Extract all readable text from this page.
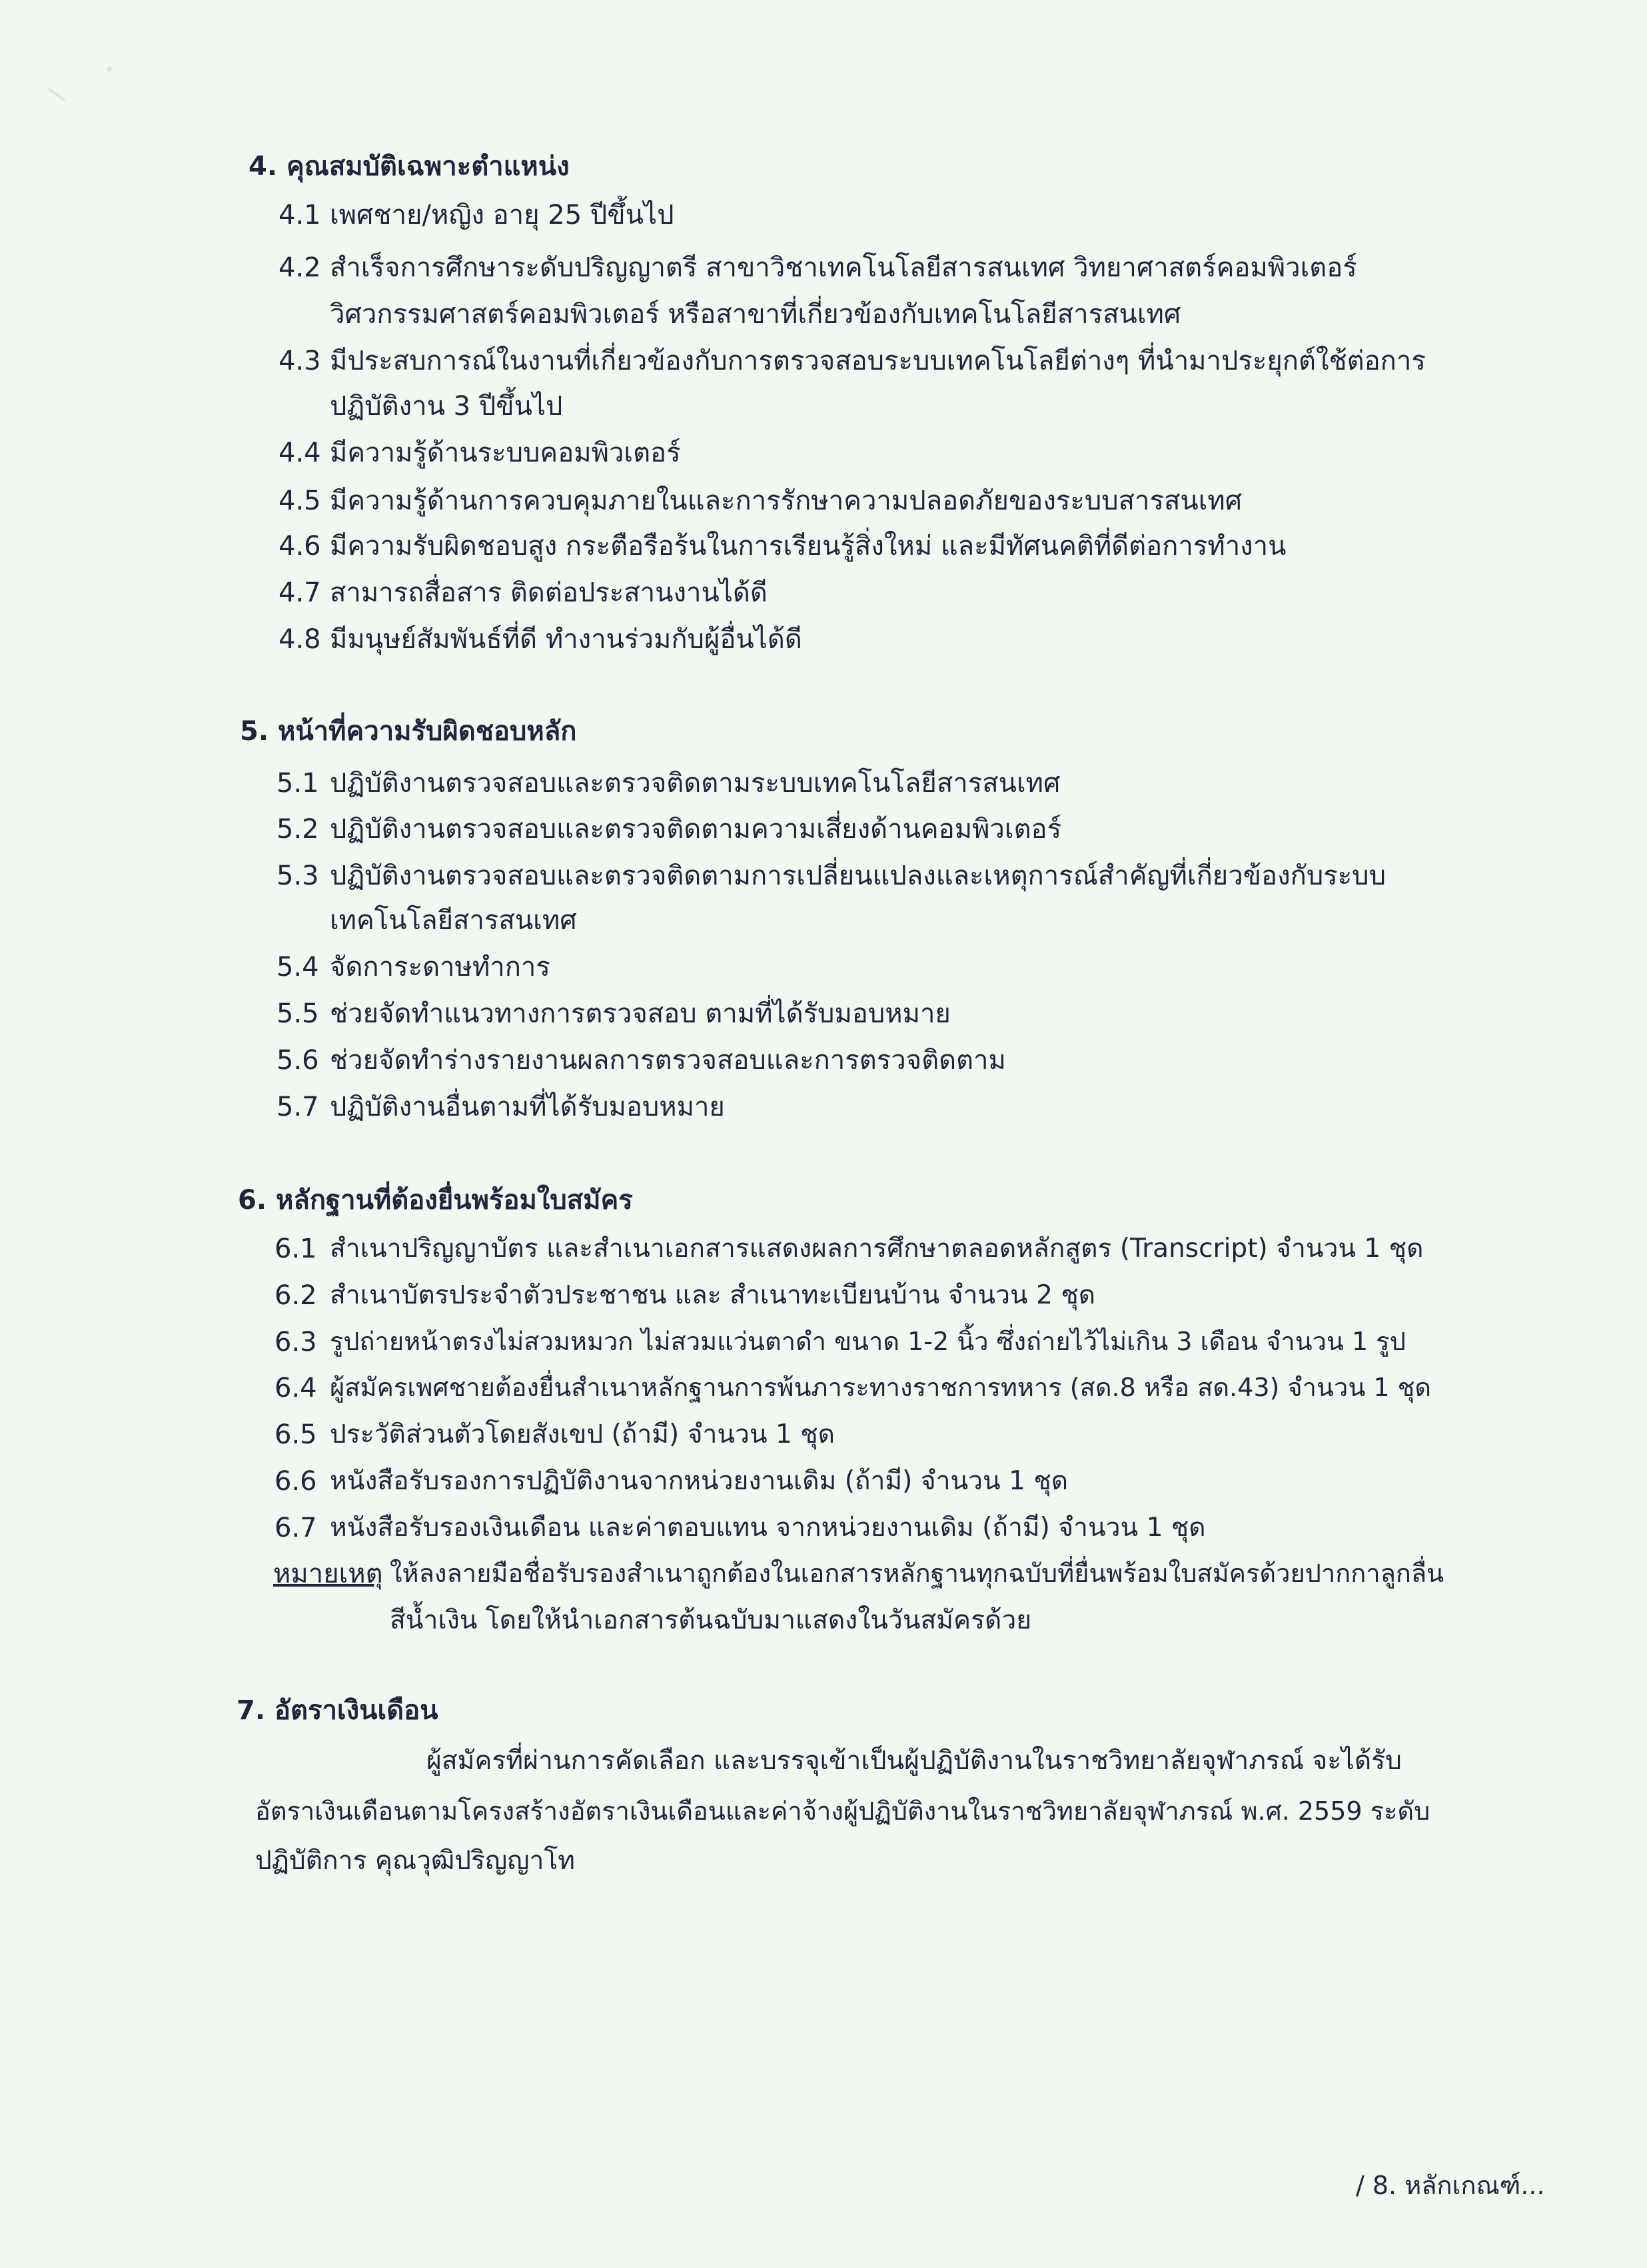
4. คุณสมบัติเฉพาะตำแหน่ง
4.1 เพศชาย/หญิง อายุ 25 ปีขึ้นไป
4.2 สำเร็จการศึกษาระดับปริญญาตรี สาขาวิชาเทคโนโลยีสารสนเทศ วิทยาศาสตร์คอมพิวเตอร์
วิศวกรรมศาสตร์คอมพิวเตอร์ หรือสาขาที่เกี่ยวข้องกับเทคโนโลยีสารสนเทศ
4.3 มีประสบการณ์ในงานที่เกี่ยวข้องกับการตรวจสอบระบบเทคโนโลยีต่างๆ ที่นำมาประยุกต์ใช้ต่อการ
ปฏิบัติงาน 3 ปีขึ้นไป
4.4 มีความรู้ด้านระบบคอมพิวเตอร์
4.5 มีความรู้ด้านการควบคุมภายในและการรักษาความปลอดภัยของระบบสารสนเทศ
4.6 มีความรับผิดชอบสูง กระตือรือร้นในการเรียนรู้สิ่งใหม่ และมีทัศนคติที่ดีต่อการทำงาน
4.7 สามารถสื่อสาร ติดต่อประสานงานได้ดี
4.8 มีมนุษย์สัมพันธ์ที่ดี ทำงานร่วมกับผู้อื่นได้ดี
5. หน้าที่ความรับผิดชอบหลัก
5.1 ปฏิบัติงานตรวจสอบและตรวจติดตามระบบเทคโนโลยีสารสนเทศ
5.2 ปฏิบัติงานตรวจสอบและตรวจติดตามความเสี่ยงด้านคอมพิวเตอร์
5.3 ปฏิบัติงานตรวจสอบและตรวจติดตามการเปลี่ยนแปลงและเหตุการณ์สำคัญที่เกี่ยวข้องกับระบบ
เทคโนโลยีสารสนเทศ
5.4 จัดการะดาษทำการ
5.5 ช่วยจัดทำแนวทางการตรวจสอบ ตามที่ได้รับมอบหมาย
5.6 ช่วยจัดทำร่างรายงานผลการตรวจสอบและการตรวจติดตาม
5.7 ปฏิบัติงานอื่นตามที่ได้รับมอบหมาย
6. หลักฐานที่ต้องยื่นพร้อมใบสมัคร
6.1 สำเนาปริญญาบัตร และสำเนาเอกสารแสดงผลการศึกษาตลอดหลักสูตร (Transcript) จำนวน 1 ชุด
6.2 สำเนาบัตรประจำตัวประชาชน และ สำเนาทะเบียนบ้าน จำนวน 2 ชุด
6.3 รูปถ่ายหน้าตรงไม่สวมหมวก ไม่สวมแว่นตาดำ ขนาด 1-2 นิ้ว ซึ่งถ่ายไว้ไม่เกิน 3 เดือน จำนวน 1 รูป
6.4 ผู้สมัครเพศชายต้องยื่นสำเนาหลักฐานการพ้นภาระทางราชการทหาร (สด.8 หรือ สด.43) จำนวน 1 ชุด
6.5 ประวัติส่วนตัวโดยสังเขป (ถ้ามี) จำนวน 1 ชุด
6.6 หนังสือรับรองการปฏิบัติงานจากหน่วยงานเดิม (ถ้ามี) จำนวน 1 ชุด
6.7 หนังสือรับรองเงินเดือน และค่าตอบแทน จากหน่วยงานเดิม (ถ้ามี) จำนวน 1 ชุด
หมายเหตุ ให้ลงลายมือชื่อรับรองสำเนาถูกต้องในเอกสารหลักฐานทุกฉบับที่ยื่นพร้อมใบสมัครด้วยปากกาลูกลื่น
สีน้ำเงิน โดยให้นำเอกสารต้นฉบับมาแสดงในวันสมัครด้วย
7. อัตราเงินเดือน
ผู้สมัครที่ผ่านการคัดเลือก และบรรจุเข้าเป็นผู้ปฏิบัติงานในราชวิทยาลัยจุฬาภรณ์ จะได้รับ
อัตราเงินเดือนตามโครงสร้างอัตราเงินเดือนและค่าจ้างผู้ปฏิบัติงานในราชวิทยาลัยจุฬาภรณ์ พ.ศ. 2559 ระดับ
ปฏิบัติการ คุณวุฒิปริญญาโท
/ 8. หลักเกณฑ์...
